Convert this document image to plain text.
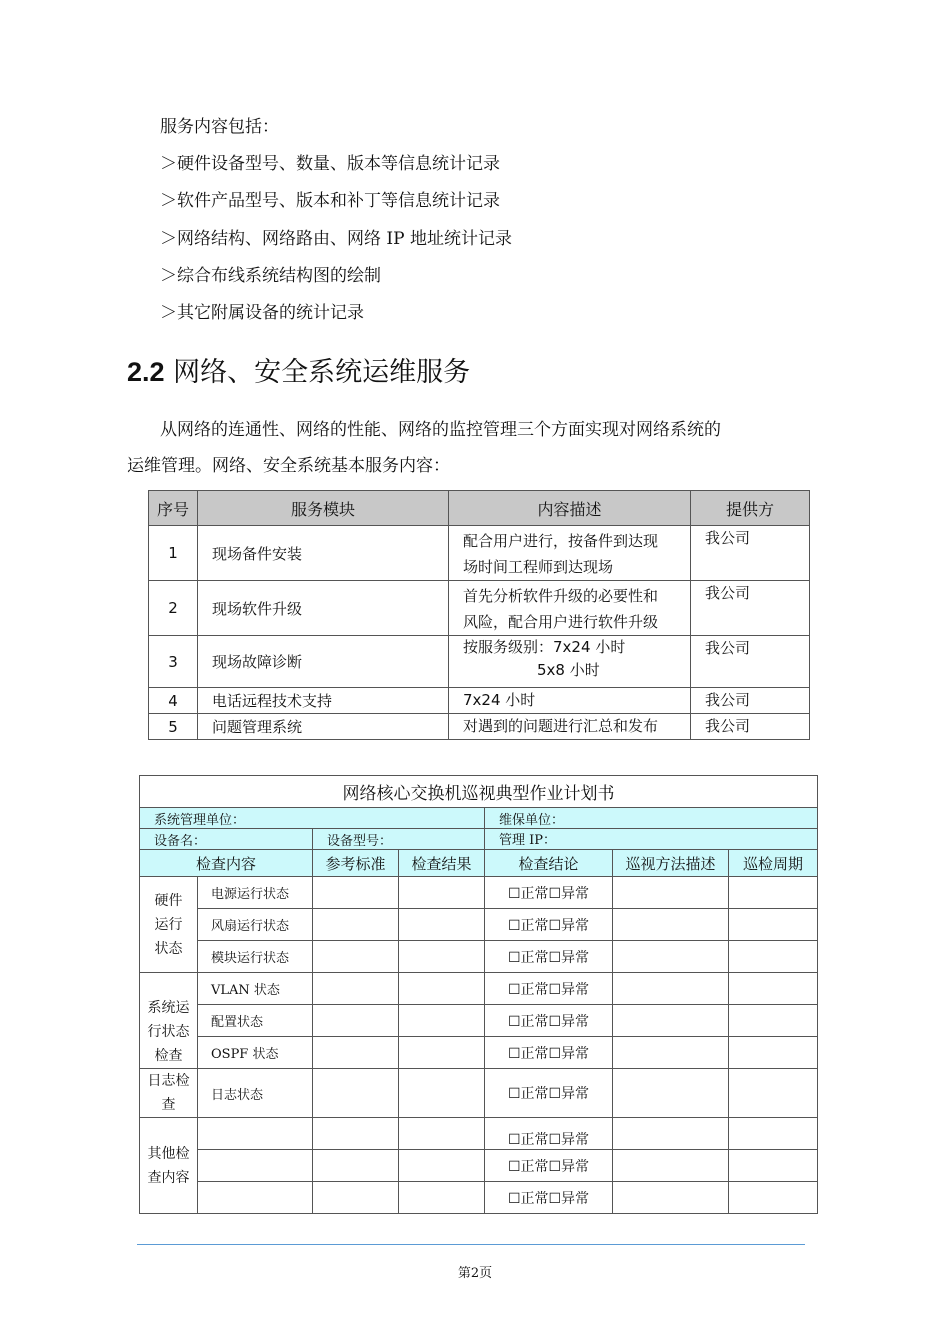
服务内容包括：
＞硬件设备型号、数量、版本等信息统计记录
＞软件产品型号、版本和补丁等信息统计记录
＞网络结构、网络路由、网络 IP 地址统计记录
＞综合布线系统结构图的绘制
＞其它附属设备的统计记录
2.2 网络、安全系统运维服务
从网络的连通性、网络的性能、网络的监控管理三个方面实现对网络系统的
运维管理。网络、安全系统基本服务内容：
序号	服务模块	内容描述	提供方
1	现场备件安装	配合用户进行，按备件到达现
场时间工程师到达现场	我公司
2	现场软件升级	首先分析软件升级的必要性和
风险，配合用户进行软件升级	我公司
3	现场故障诊断	按服务级别：7x24 小时
5x8 小时	我公司
4	电话远程技术支持	7x24 小时	我公司
5	问题管理系统	对遇到的问题进行汇总和发布	我公司
网络核心交换机巡视典型作业计划书						
系统管理单位：				维保单位：		
设备名：		设备型号：		管理 IP：		
检查内容		参考标准	检查结果	检查结论	巡视方法描述	巡检周期

硬件
运行
状态	电源运行状态			☐正常☐异常		
	风扇运行状态			☐正常☐异常		
	模块运行状态			☐正常☐异常		

系统运
行状态
检查	VLAN 状态			☐正常☐异常		
	配置状态			☐正常☐异常		
	OSPF 状态			☐正常☐异常		

日志检
查	日志状态			☐正常☐异常		

其他检
查内容				☐正常☐异常		
				☐正常☐异常		
				☐正常☐异常		
第2页
